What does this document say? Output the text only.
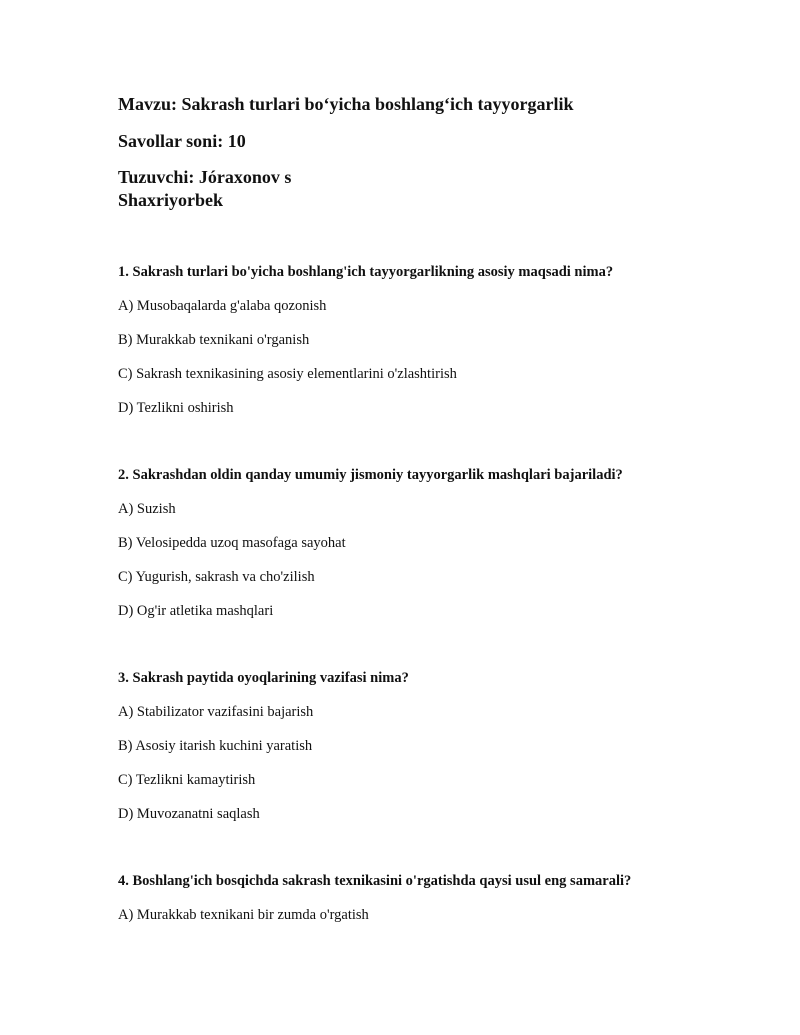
Mavzu: Sakrash turlari bo‘yicha boshlang‘ich tayyorgarlik

Savollar soni: 10

Tuzuvchi: Jóraxonov s

Shaxriyorbek

1. Sakrash turlari bo'yicha boshlang'ich tayyorgarlikning asosiy maqsadi nima?

A) Musobaqalarda g'alaba qozonish

B) Murakkab texnikani o'rganish

C) Sakrash texnikasining asosiy elementlarini o'zlashtirish

D) Tezlikni oshirish

2. Sakrashdan oldin qanday umumiy jismoniy tayyorgarlik mashqlari bajariladi?

A) Suzish

B) Velosipedda uzoq masofaga sayohat

C) Yugurish, sakrash va cho'zilish

D) Og'ir atletika mashqlari

3. Sakrash paytida oyoqlarining vazifasi nima?

A) Stabilizator vazifasini bajarish

B) Asosiy itarish kuchini yaratish

C) Tezlikni kamaytirish

D) Muvozanatni saqlash

4. Boshlang'ich bosqichda sakrash texnikasini o'rgatishda qaysi usul eng samarali?

A) Murakkab texnikani bir zumda o'rgatish
